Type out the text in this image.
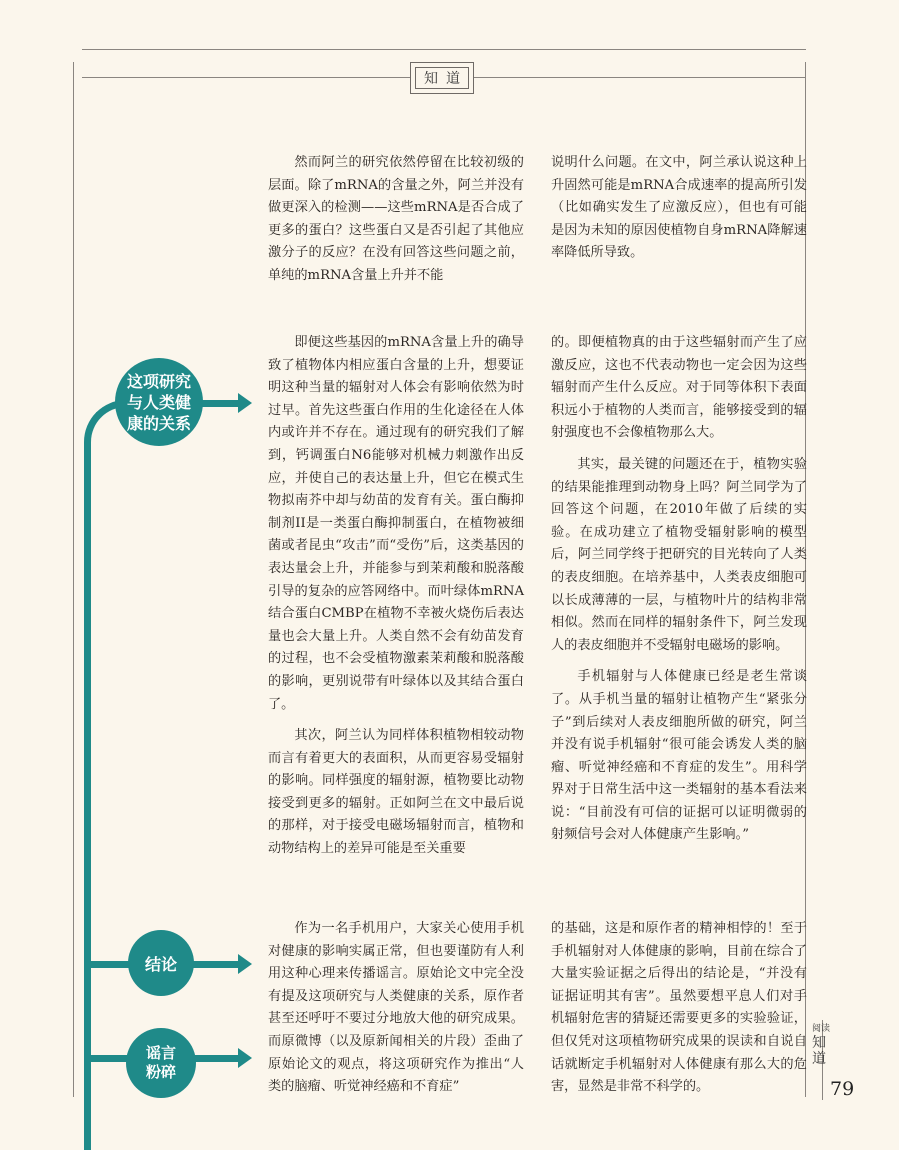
知道
这项研究与人类健康的关系
结论
谣言粉碎

然而阿兰的研究依然停留在比较初级的层面。除了mRNA的含量之外，阿兰并没有做更深入的检测——这些mRNA是否合成了更多的蛋白？这些蛋白又是否引起了其他应激分子的反应？在没有回答这些问题之前，单纯的mRNA含量上升并不能

说明什么问题。在文中，阿兰承认说这种上升固然可能是mRNA合成速率的提高所引发（比如确实发生了应激反应），但也有可能是因为未知的原因使植物自身mRNA降解速率降低所导致。

即便这些基因的mRNA含量上升的确导致了植物体内相应蛋白含量的上升，想要证明这种当量的辐射对人体会有影响依然为时过早。首先这些蛋白作用的生化途径在人体内或许并不存在。通过现有的研究我们了解到，钙调蛋白N6能够对机械力刺激作出反应，并使自己的表达量上升，但它在模式生物拟南芥中却与幼苗的发育有关。蛋白酶抑制剂II是一类蛋白酶抑制蛋白，在植物被细菌或者昆虫“攻击”而“受伤”后，这类基因的表达量会上升，并能参与到茉莉酸和脱落酸引导的复杂的应答网络中。而叶绿体mRNA结合蛋白CMBP在植物不幸被火烧伤后表达量也会大量上升。人类自然不会有幼苗发育的过程，也不会受植物激素茉莉酸和脱落酸的影响，更别说带有叶绿体以及其结合蛋白了。

其次，阿兰认为同样体积植物相较动物而言有着更大的表面积，从而更容易受辐射的影响。同样强度的辐射源，植物要比动物接受到更多的辐射。正如阿兰在文中最后说的那样，对于接受电磁场辐射而言，植物和动物结构上的差异可能是至关重要

的。即便植物真的由于这些辐射而产生了应激反应，这也不代表动物也一定会因为这些辐射而产生什么反应。对于同等体积下表面积远小于植物的人类而言，能够接受到的辐射强度也不会像植物那么大。

其实，最关键的问题还在于，植物实验的结果能推理到动物身上吗？阿兰同学为了回答这个问题，在2010年做了后续的实验。在成功建立了植物受辐射影响的模型后，阿兰同学终于把研究的目光转向了人类的表皮细胞。在培养基中，人类表皮细胞可以长成薄薄的一层，与植物叶片的结构非常相似。然而在同样的辐射条件下，阿兰发现人的表皮细胞并不受辐射电磁场的影响。

手机辐射与人体健康已经是老生常谈了。从手机当量的辐射让植物产生“紧张分子”到后续对人表皮细胞所做的研究，阿兰并没有说手机辐射“很可能会诱发人类的脑瘤、听觉神经癌和不育症的发生”。用科学界对于日常生活中这一类辐射的基本看法来说：“目前没有可信的证据可以证明微弱的射频信号会对人体健康产生影响。”

作为一名手机用户，大家关心使用手机对健康的影响实属正常，但也要谨防有人利用这种心理来传播谣言。原始论文中完全没有提及这项研究与人类健康的关系，原作者甚至还呼吁不要过分地放大他的研究成果。而原微博（以及原新闻相关的片段）歪曲了原始论文的观点，将这项研究作为推出“人类的脑瘤、听觉神经癌和不育症”

的基础，这是和原作者的精神相悖的！至于手机辐射对人体健康的影响，目前在综合了大量实验证据之后得出的结论是，“并没有证据证明其有害”。虽然要想平息人们对手机辐射危害的猜疑还需要更多的实验验证，但仅凭对这项植物研究成果的误读和自说自话就断定手机辐射对人体健康有那么大的危害，显然是非常不科学的。

阅读
知道
79
